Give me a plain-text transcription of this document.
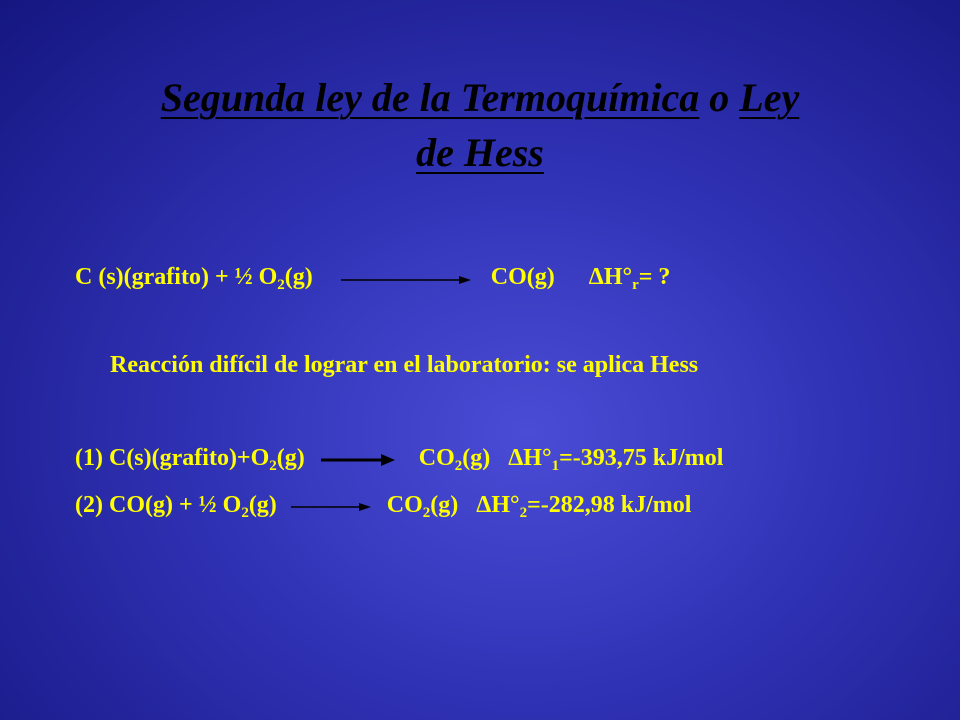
Segunda ley de la Termoquímica o Ley
de Hess
C (s)(grafito) + ½ $O_2(g)$	CO(g) $\Delta H^\circ_r=$ ?
Reacción difícil de lograr en el laboratorio: se aplica Hess
(1) $C(s)(grafito)+O_2(g) \to CO_2(g)$ $\Delta H^\circ_1=-393,75$ kJ/mol
(2) CO(g) + ½ $O_2(g) \to CO_2(g)$ $\Delta H^\circ_2=-282,98$ kJ/mol
